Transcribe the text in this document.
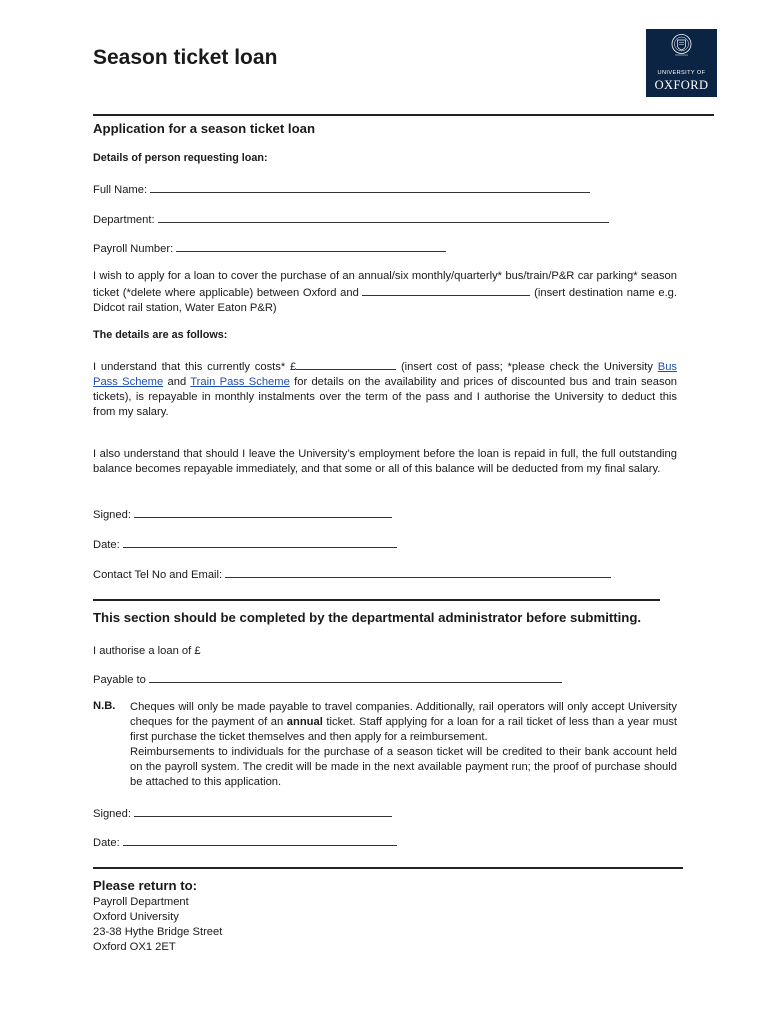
Season ticket loan
UNIVERSITY OF
OXFORD
Application for a season ticket loan
Details of person requesting loan:
Full Name:
Department:
Payroll Number:
I wish to apply for a loan to cover the purchase of an annual/six monthly/quarterly* bus/train/P&R car parking* season ticket (*delete where applicable) between Oxford and	(insert destination name e.g. Didcot rail station, Water Eaton P&R)
The details are as follows:
I understand that this currently costs* £	(insert cost of pass; *please check the University Bus Pass Scheme and Train Pass Scheme for details on the availability and prices of discounted bus and train season tickets), is repayable in monthly instalments over the term of the pass and I authorise the University to deduct this from my salary.
I also understand that should I leave the University’s employment before the loan is repaid in full, the full outstanding balance becomes repayable immediately, and that some or all of this balance will be deducted from my final salary.
Signed:
Date:
Contact Tel No and Email:
This section should be completed by the departmental administrator before submitting.
I authorise a loan of £
Payable to
N.B. Cheques will only be made payable to travel companies. Additionally, rail operators will only accept University cheques for the payment of an annual ticket. Staff applying for a loan for a rail ticket of less than a year must first purchase the ticket themselves and then apply for a reimbursement.
Reimbursements to individuals for the purchase of a season ticket will be credited to their bank account held on the payroll system. The credit will be made in the next available payment run; the proof of purchase should be attached to this application.
Signed:
Date:
Please return to:
Payroll Department
Oxford University
23-38 Hythe Bridge Street
Oxford OX1 2ET
